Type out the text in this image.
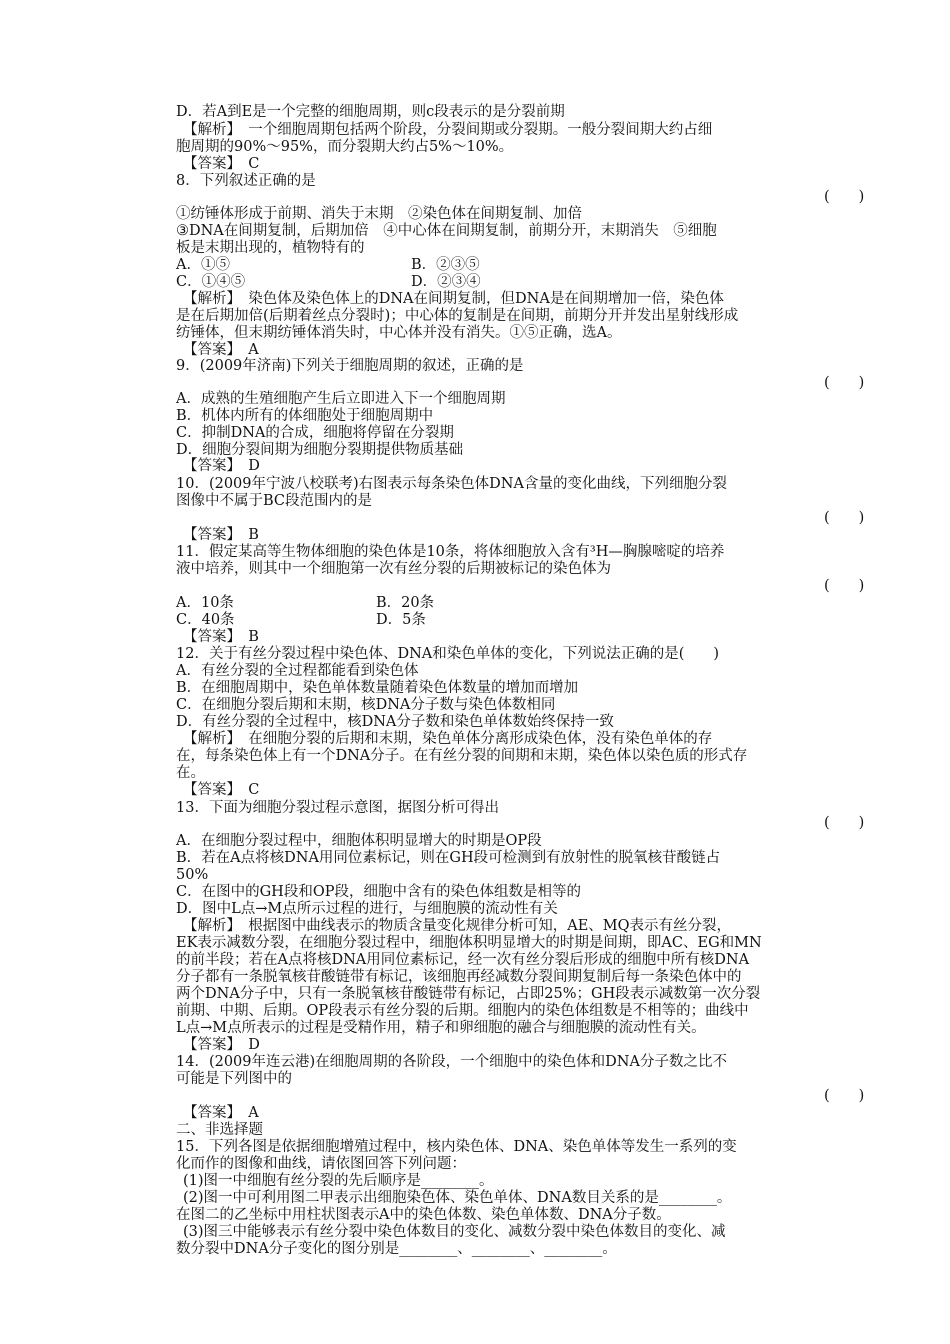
D．若A到E是一个完整的细胞周期，则c段表示的是分裂前期
【解析】　一个细胞周期包括两个阶段，分裂间期或分裂期。一般分裂间期大约占细
胞周期的90%～95%，而分裂期大约占5%～10%。
【答案】　C
8．下列叙述正确的是
①纺锤体形成于前期、消失于末期　②染色体在间期复制、加倍
③DNA在间期复制，后期加倍　④中心体在间期复制，前期分开，末期消失　⑤细胞
板是末期出现的，植物特有的
A．①⑤	B．②③⑤
C．①④⑤	D．②③④
【解析】　染色体及染色体上的DNA在间期复制，但DNA是在间期增加一倍，染色体
是在后期加倍(后期着丝点分裂时)；中心体的复制是在间期，前期分开并发出星射线形成
纺锤体，但末期纺锤体消失时，中心体并没有消失。①⑤正确，选A。
【答案】　A
9．(2009年济南)下列关于细胞周期的叙述，正确的是
A．成熟的生殖细胞产生后立即进入下一个细胞周期
B．机体内所有的体细胞处于细胞周期中
C．抑制DNA的合成，细胞将停留在分裂期
D．细胞分裂间期为细胞分裂期提供物质基础
【答案】　D
10．(2009年宁波八校联考)右图表示每条染色体DNA含量的变化曲线，下列细胞分裂
图像中不属于BC段范围内的是
【答案】　B
11．假定某高等生物体细胞的染色体是10条，将体细胞放入含有³H—胸腺嘧啶的培养
液中培养，则其中一个细胞第一次有丝分裂的后期被标记的染色体为
A．10条	B．20条
C．40条	D．5条
【答案】　B
12．关于有丝分裂过程中染色体、DNA和染色单体的变化，下列说法正确的是(　　)
A．有丝分裂的全过程都能看到染色体
B．在细胞周期中，染色单体数量随着染色体数量的增加而增加
C．在细胞分裂后期和末期，核DNA分子数与染色体数相同
D．有丝分裂的全过程中，核DNA分子数和染色单体数始终保持一致
【解析】　在细胞分裂的后期和末期，染色单体分离形成染色体，没有染色单体的存
在，每条染色体上有一个DNA分子。在有丝分裂的间期和末期，染色体以染色质的形式存
在。
【答案】　C
13．下面为细胞分裂过程示意图，据图分析可得出
A．在细胞分裂过程中，细胞体积明显增大的时期是OP段
B．若在A点将核DNA用同位素标记，则在GH段可检测到有放射性的脱氧核苷酸链占
50%
C．在图中的GH段和OP段，细胞中含有的染色体组数是相等的
D．图中L点→M点所示过程的进行，与细胞膜的流动性有关
【解析】　根据图中曲线表示的物质含量变化规律分析可知，AE、MQ表示有丝分裂，
EK表示减数分裂，在细胞分裂过程中，细胞体积明显增大的时期是间期，即AC、EG和MN
的前半段；若在A点将核DNA用同位素标记，经一次有丝分裂后形成的细胞中所有核DNA
分子都有一条脱氧核苷酸链带有标记，该细胞再经减数分裂间期复制后每一条染色体中的
两个DNA分子中，只有一条脱氧核苷酸链带有标记，占即25%；GH段表示减数第一次分裂
前期、中期、后期。OP段表示有丝分裂的后期。细胞内的染色体组数是不相等的；曲线中
L点→M点所表示的过程是受精作用，精子和卵细胞的融合与细胞膜的流动性有关。
【答案】　D
14．(2009年连云港)在细胞周期的各阶段，一个细胞中的染色体和DNA分子数之比不
可能是下列图中的
【答案】　A
二、非选择题
15．下列各图是依据细胞增殖过程中，核内染色体、DNA、染色单体等发生一系列的变
化而作的图像和曲线，请依图回答下列问题：
(1)图一中细胞有丝分裂的先后顺序是________。
(2)图一中可利用图二甲表示出细胞染色体、染色单体、DNA数目关系的是________。
在图二的乙坐标中用柱状图表示A中的染色体数、染色单体数、DNA分子数。
(3)图三中能够表示有丝分裂中染色体数目的变化、减数分裂中染色体数目的变化、减
数分裂中DNA分子变化的图分别是________、________、________。
(　　)
(　　)
(　　)
(　　)
(　　)
(　　)
